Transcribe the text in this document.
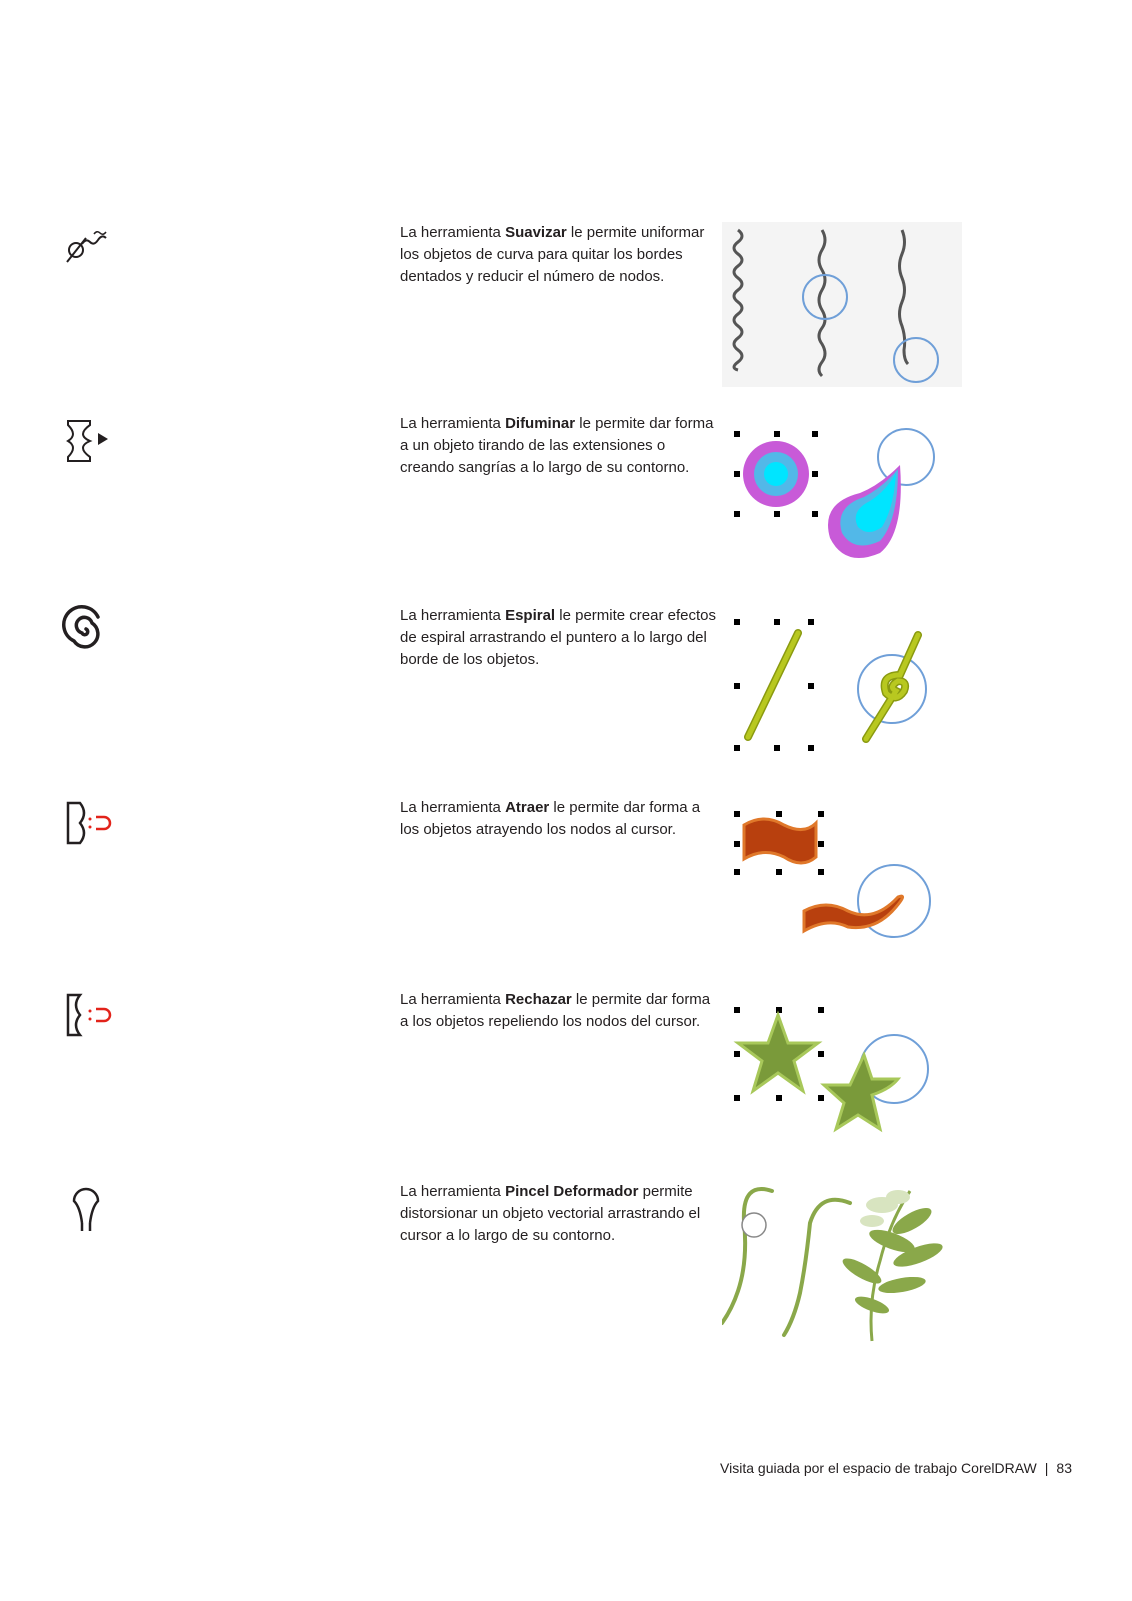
La herramienta Suavizar le permite uniformar los objetos de curva para quitar los bordes dentados y reducir el número de nodos.
La herramienta Difuminar le permite dar forma a un objeto tirando de las extensiones o creando sangrías a lo largo de su contorno.
La herramienta Espiral le permite crear efectos de espiral arrastrando el puntero a lo largo del borde de los objetos.
La herramienta Atraer le permite dar forma a los objetos atrayendo los nodos al cursor.
La herramienta Rechazar le permite dar forma a los objetos repeliendo los nodos del cursor.
La herramienta Pincel Deformador permite distorsionar un objeto vectorial arrastrando el cursor a lo largo de su contorno.
Visita guiada por el espacio de trabajo CorelDRAW | 83
